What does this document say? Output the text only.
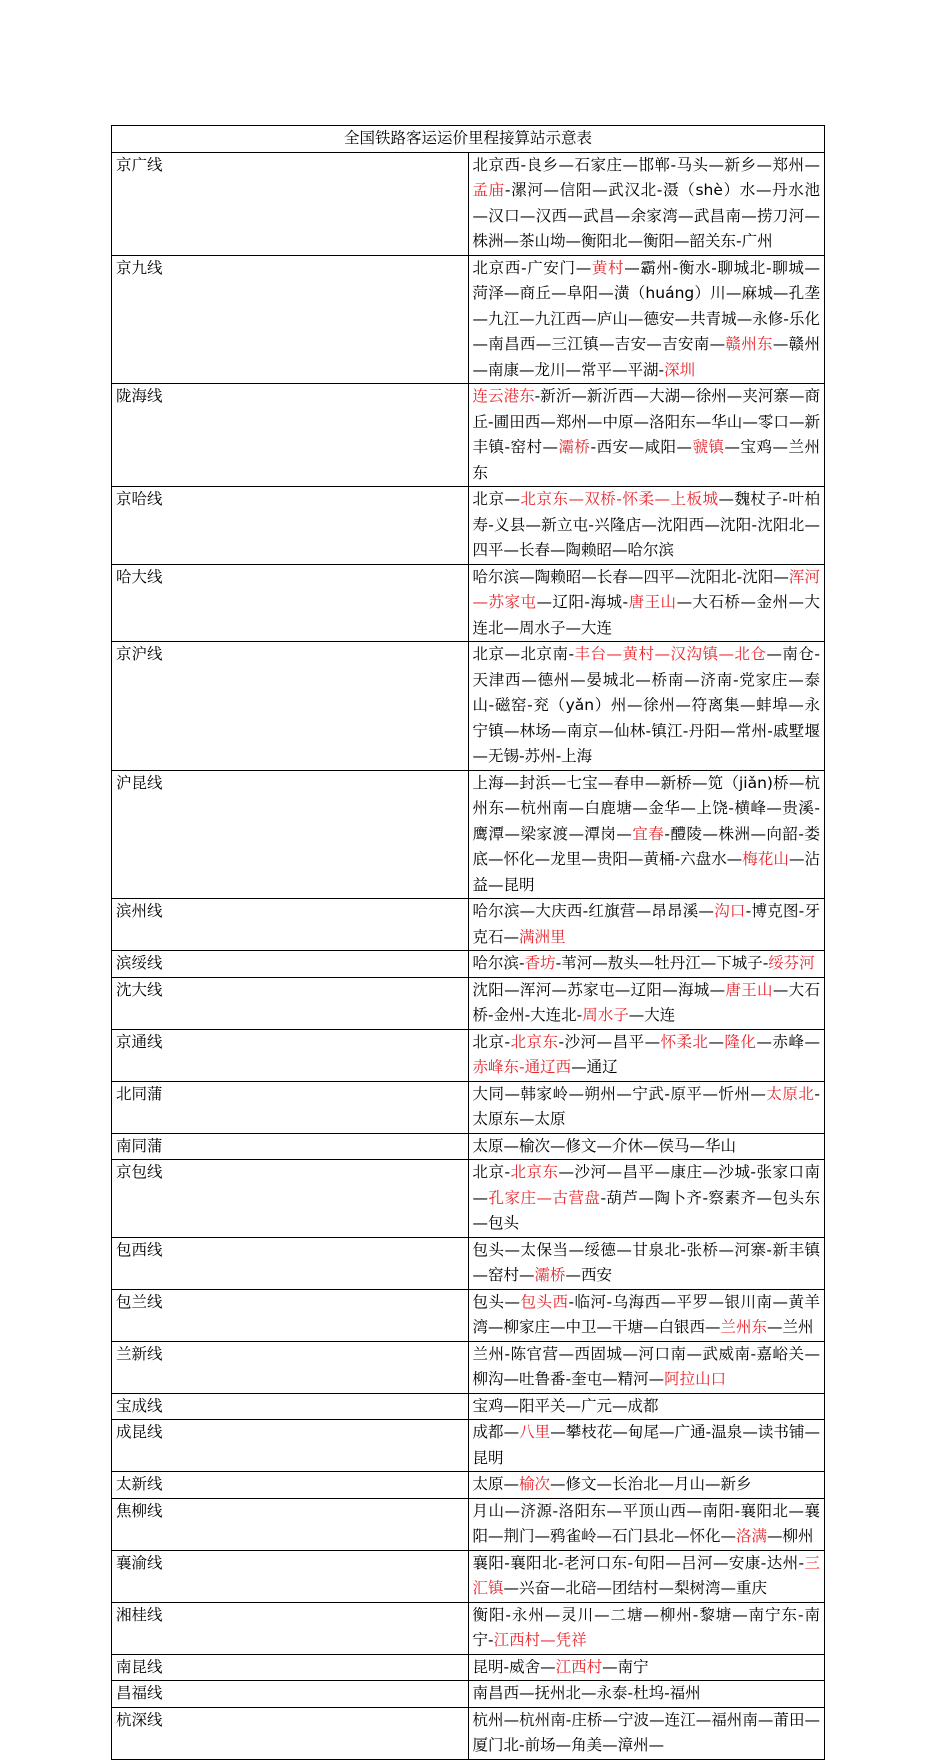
全国铁路客运运价里程接算站示意表	
京广线	北京西-良乡—石家庄—邯郸-马头—新乡—郑州—孟庙-漯河—信阳—武汉北-滠（shè）水—丹水池—汉口—汉西—武昌—余家湾—武昌南—捞刀河—株洲—茶山坳—衡阳北—衡阳—韶关东-广州
京九线	北京西-广安门—黄村—霸州-衡水-聊城北-聊城—菏泽—商丘—阜阳—潢（huáng）川—麻城—孔垄—九江—九江西—庐山—德安—共青城—永修-乐化—南昌西—三江镇—吉安—吉安南—赣州东—赣州—南康—龙川—常平—平湖-深圳
陇海线	连云港东-新沂—新沂西—大湖—徐州—夹河寨—商丘-圃田西—郑州—中原—洛阳东—华山—零口—新丰镇-窑村—灞桥-西安—咸阳—虢镇—宝鸡—兰州东
京哈线	北京—北京东—双桥-怀柔—上板城—魏杖子-叶柏寿-义县—新立屯-兴隆店—沈阳西—沈阳-沈阳北—四平—长春—陶赖昭—哈尔滨
哈大线	哈尔滨—陶赖昭—长春—四平—沈阳北-沈阳—浑河—苏家屯—辽阳-海城-唐王山—大石桥—金州—大连北—周水子—大连
京沪线	北京—北京南-丰台—黄村—汉沟镇—北仓—南仓-天津西—德州—晏城北—桥南—济南-党家庄—泰山-磁窑-兖（yǎn）州—徐州—符离集—蚌埠—永宁镇—林场—南京—仙林-镇江-丹阳—常州-戚墅堰—无锡-苏州-上海
沪昆线	上海—封浜—七宝—春申—新桥—笕（jiǎn)桥—杭州东—杭州南—白鹿塘—金华—上饶-横峰—贵溪-鹰潭—梁家渡—潭岗—宜春-醴陵—株洲—向韶-娄底—怀化—龙里—贵阳—黄桶-六盘水—梅花山—沾益—昆明
滨州线	哈尔滨—大庆西-红旗营—昂昂溪—沟口-博克图-牙克石—满洲里
滨绥线	哈尔滨-香坊-苇河—敖头—牡丹江—下城子-绥芬河
沈大线	沈阳—浑河—苏家屯—辽阳—海城—唐王山—大石桥-金州-大连北-周水子—大连
京通线	北京-北京东-沙河—昌平—怀柔北—隆化—赤峰—赤峰东-通辽西—通辽
北同蒲	大同—韩家岭—朔州—宁武-原平—忻州—太原北-太原东—太原
南同蒲	太原—榆次—修文—介休—侯马—华山
京包线	北京-北京东—沙河—昌平—康庄—沙城-张家口南—孔家庄—古营盘-葫芦—陶卜齐-察素齐—包头东—包头
包西线	包头—太保当—绥德—甘泉北-张桥—河寨-新丰镇—窑村—灞桥—西安
包兰线	包头—包头西-临河-乌海西—平罗—银川南—黄羊湾—柳家庄—中卫—干塘—白银西—兰州东—兰州
兰新线	兰州-陈官营—西固城—河口南—武威南-嘉峪关—柳沟—吐鲁番-奎屯—精河—阿拉山口
宝成线	宝鸡—阳平关—广元—成都
成昆线	成都—八里—攀枝花—甸尾—广通-温泉—读书铺—昆明
太新线	太原—榆次—修文—长治北—月山—新乡
焦柳线	月山—济源-洛阳东—平顶山西—南阳-襄阳北—襄阳—荆门—鸦雀岭—石门县北—怀化—洛满—柳州
襄渝线	襄阳-襄阳北-老河口东-旬阳—吕河—安康-达州-三汇镇—兴奋—北碚—团结村—梨树湾—重庆
湘桂线	衡阳-永州—灵川—二塘—柳州-黎塘—南宁东-南宁-江西村—凭祥
南昆线	昆明-威舍—江西村—南宁
昌福线	南昌西—抚州北—永泰-杜坞-福州
杭深线	杭州—杭州南-庄桥—宁波—连江—福州南—莆田—厦门北-前场—角美—漳州—
